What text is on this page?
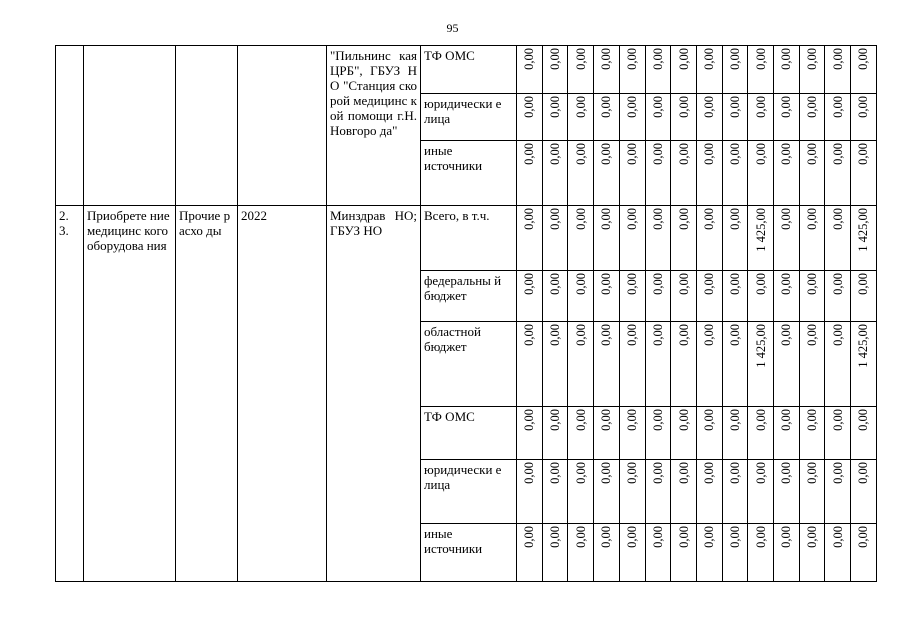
95
				"Пильнинс кая ЦРБ", ГБУЗ НО "Станция скорой медицинс кой помощи г.Н.Новгоро да"	ТФ ОМС	0,00	0,00	0,00	0,00	0,00	0,00	0,00	0,00	0,00	0,00	0,00	0,00	0,00	0,00

					юридически е лица	0,00	0,00	0,00	0,00	0,00	0,00	0,00	0,00	0,00	0,00	0,00	0,00	0,00	0,00

					иные источники	0,00	0,00	0,00	0,00	0,00	0,00	0,00	0,00	0,00	0,00	0,00	0,00	0,00	0,00

2. 3.	Приобрете ние медицинс кого оборудова ния	Прочие расхо ды	2022	Минздрав НО; ГБУЗ НО	Всего, в т.ч.	0,00	0,00	0,00	0,00	0,00	0,00	0,00	0,00	0,00	1 425,00	0,00	0,00	0,00	1 425,00

					федеральны й бюджет	0,00	0,00	0,00	0,00	0,00	0,00	0,00	0,00	0,00	0,00	0,00	0,00	0,00	0,00

					областной бюджет	0,00	0,00	0,00	0,00	0,00	0,00	0,00	0,00	0,00	1 425,00	0,00	0,00	0,00	1 425,00

					ТФ ОМС	0,00	0,00	0,00	0,00	0,00	0,00	0,00	0,00	0,00	0,00	0,00	0,00	0,00	0,00

					юридически е лица	0,00	0,00	0,00	0,00	0,00	0,00	0,00	0,00	0,00	0,00	0,00	0,00	0,00	0,00

					иные источники	0,00	0,00	0,00	0,00	0,00	0,00	0,00	0,00	0,00	0,00	0,00	0,00	0,00	0,00
